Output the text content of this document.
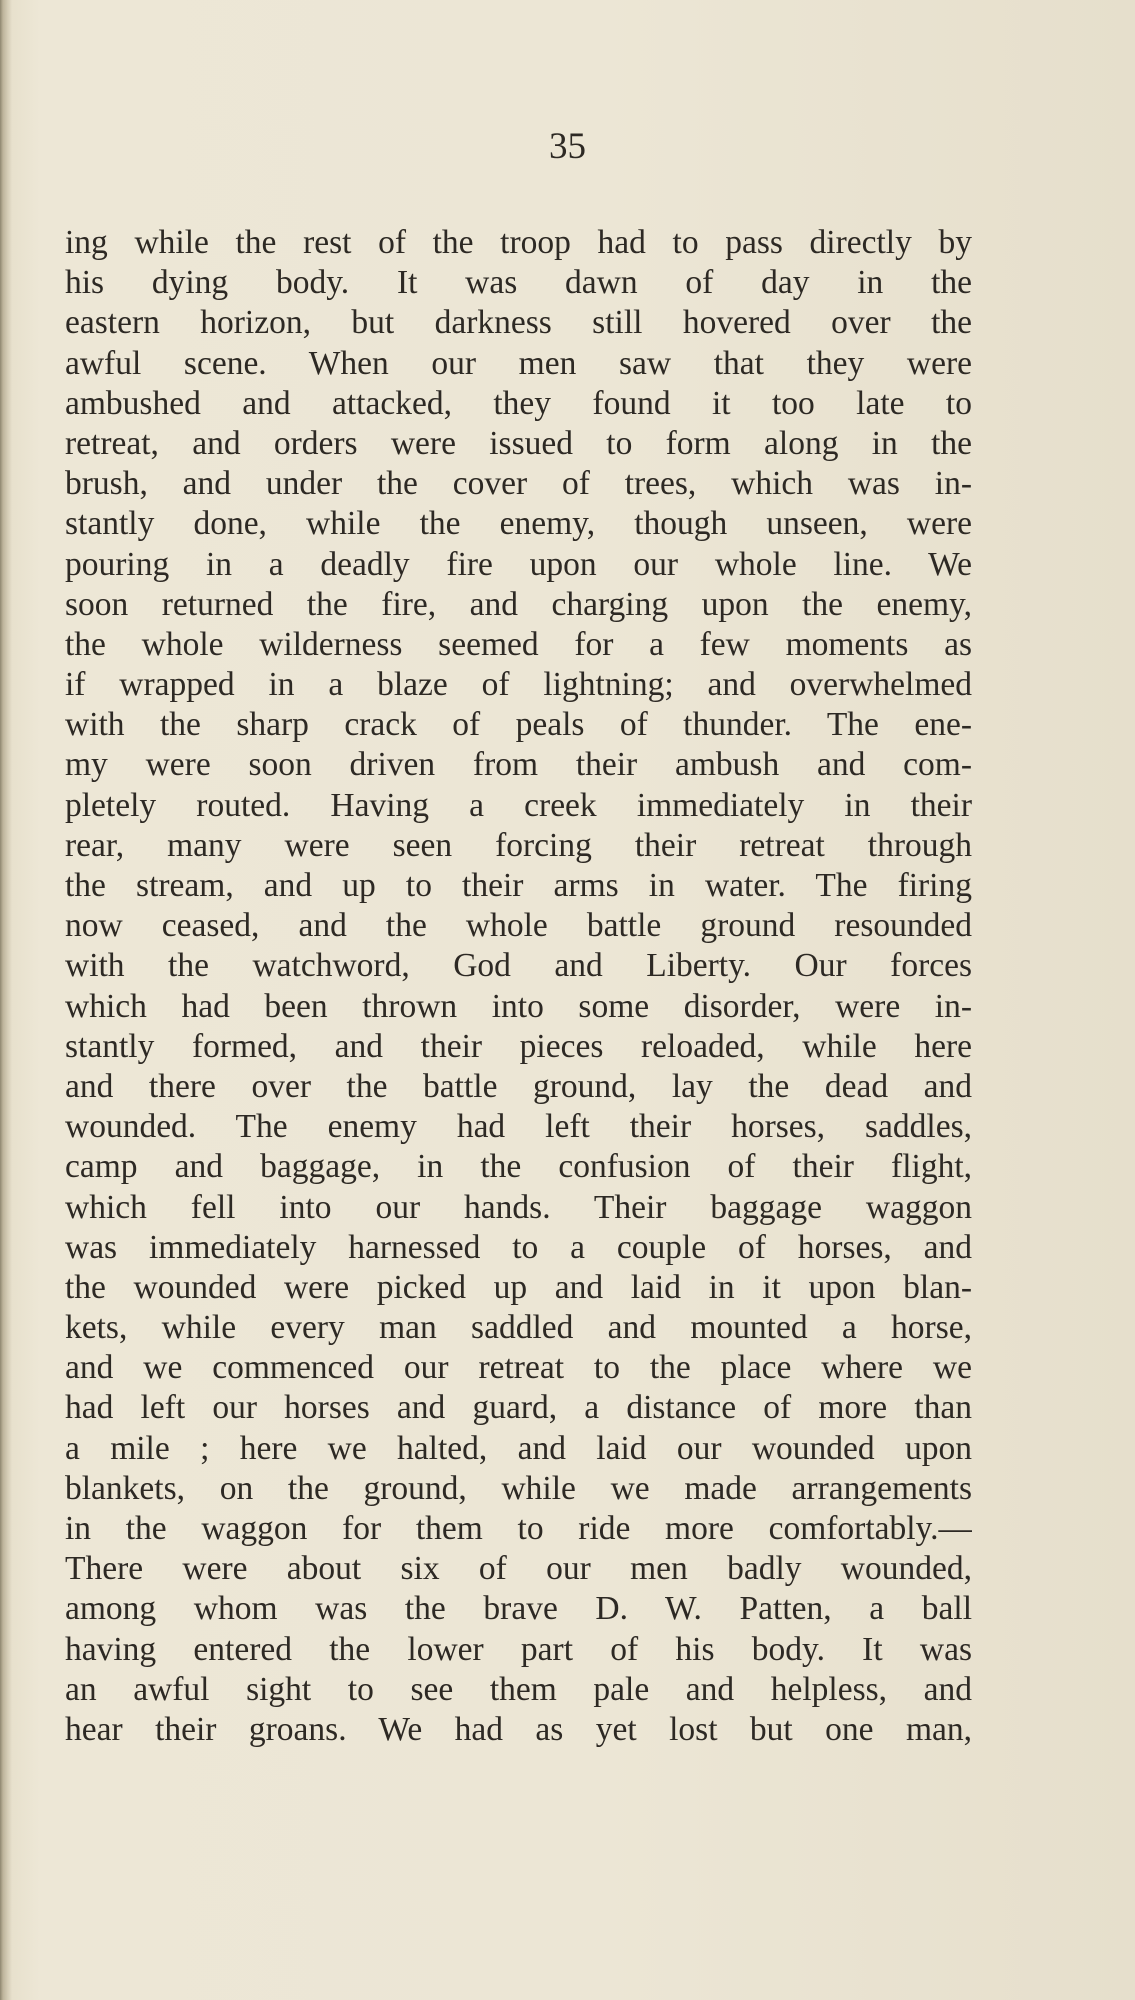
35
ing while the rest of the troop had to pass directly by
his dying body. It was dawn of day in the
eastern horizon, but darkness still hovered over the
awful scene. When our men saw that they were
ambushed and attacked, they found it too late to
retreat, and orders were issued to form along in the
brush, and under the cover of trees, which was in-
stantly done, while the enemy, though unseen, were
pouring in a deadly fire upon our whole line. We
soon returned the fire, and charging upon the enemy,
the whole wilderness seemed for a few moments as
if wrapped in a blaze of lightning; and overwhelmed
with the sharp crack of peals of thunder. The ene-
my were soon driven from their ambush and com-
pletely routed. Having a creek immediately in their
rear, many were seen forcing their retreat through
the stream, and up to their arms in water. The firing
now ceased, and the whole battle ground resounded
with the watchword, God and Liberty. Our forces
which had been thrown into some disorder, were in-
stantly formed, and their pieces reloaded, while here
and there over the battle ground, lay the dead and
wounded. The enemy had left their horses, saddles,
camp and baggage, in the confusion of their flight,
which fell into our hands. Their baggage waggon
was immediately harnessed to a couple of horses, and
the wounded were picked up and laid in it upon blan-
kets, while every man saddled and mounted a horse,
and we commenced our retreat to the place where we
had left our horses and guard, a distance of more than
a mile ; here we halted, and laid our wounded upon
blankets, on the ground, while we made arrangements
in the waggon for them to ride more comfortably.—
There were about six of our men badly wounded,
among whom was the brave D. W. Patten, a ball
having entered the lower part of his body. It was
an awful sight to see them pale and helpless, and
hear their groans. We had as yet lost but one man,
